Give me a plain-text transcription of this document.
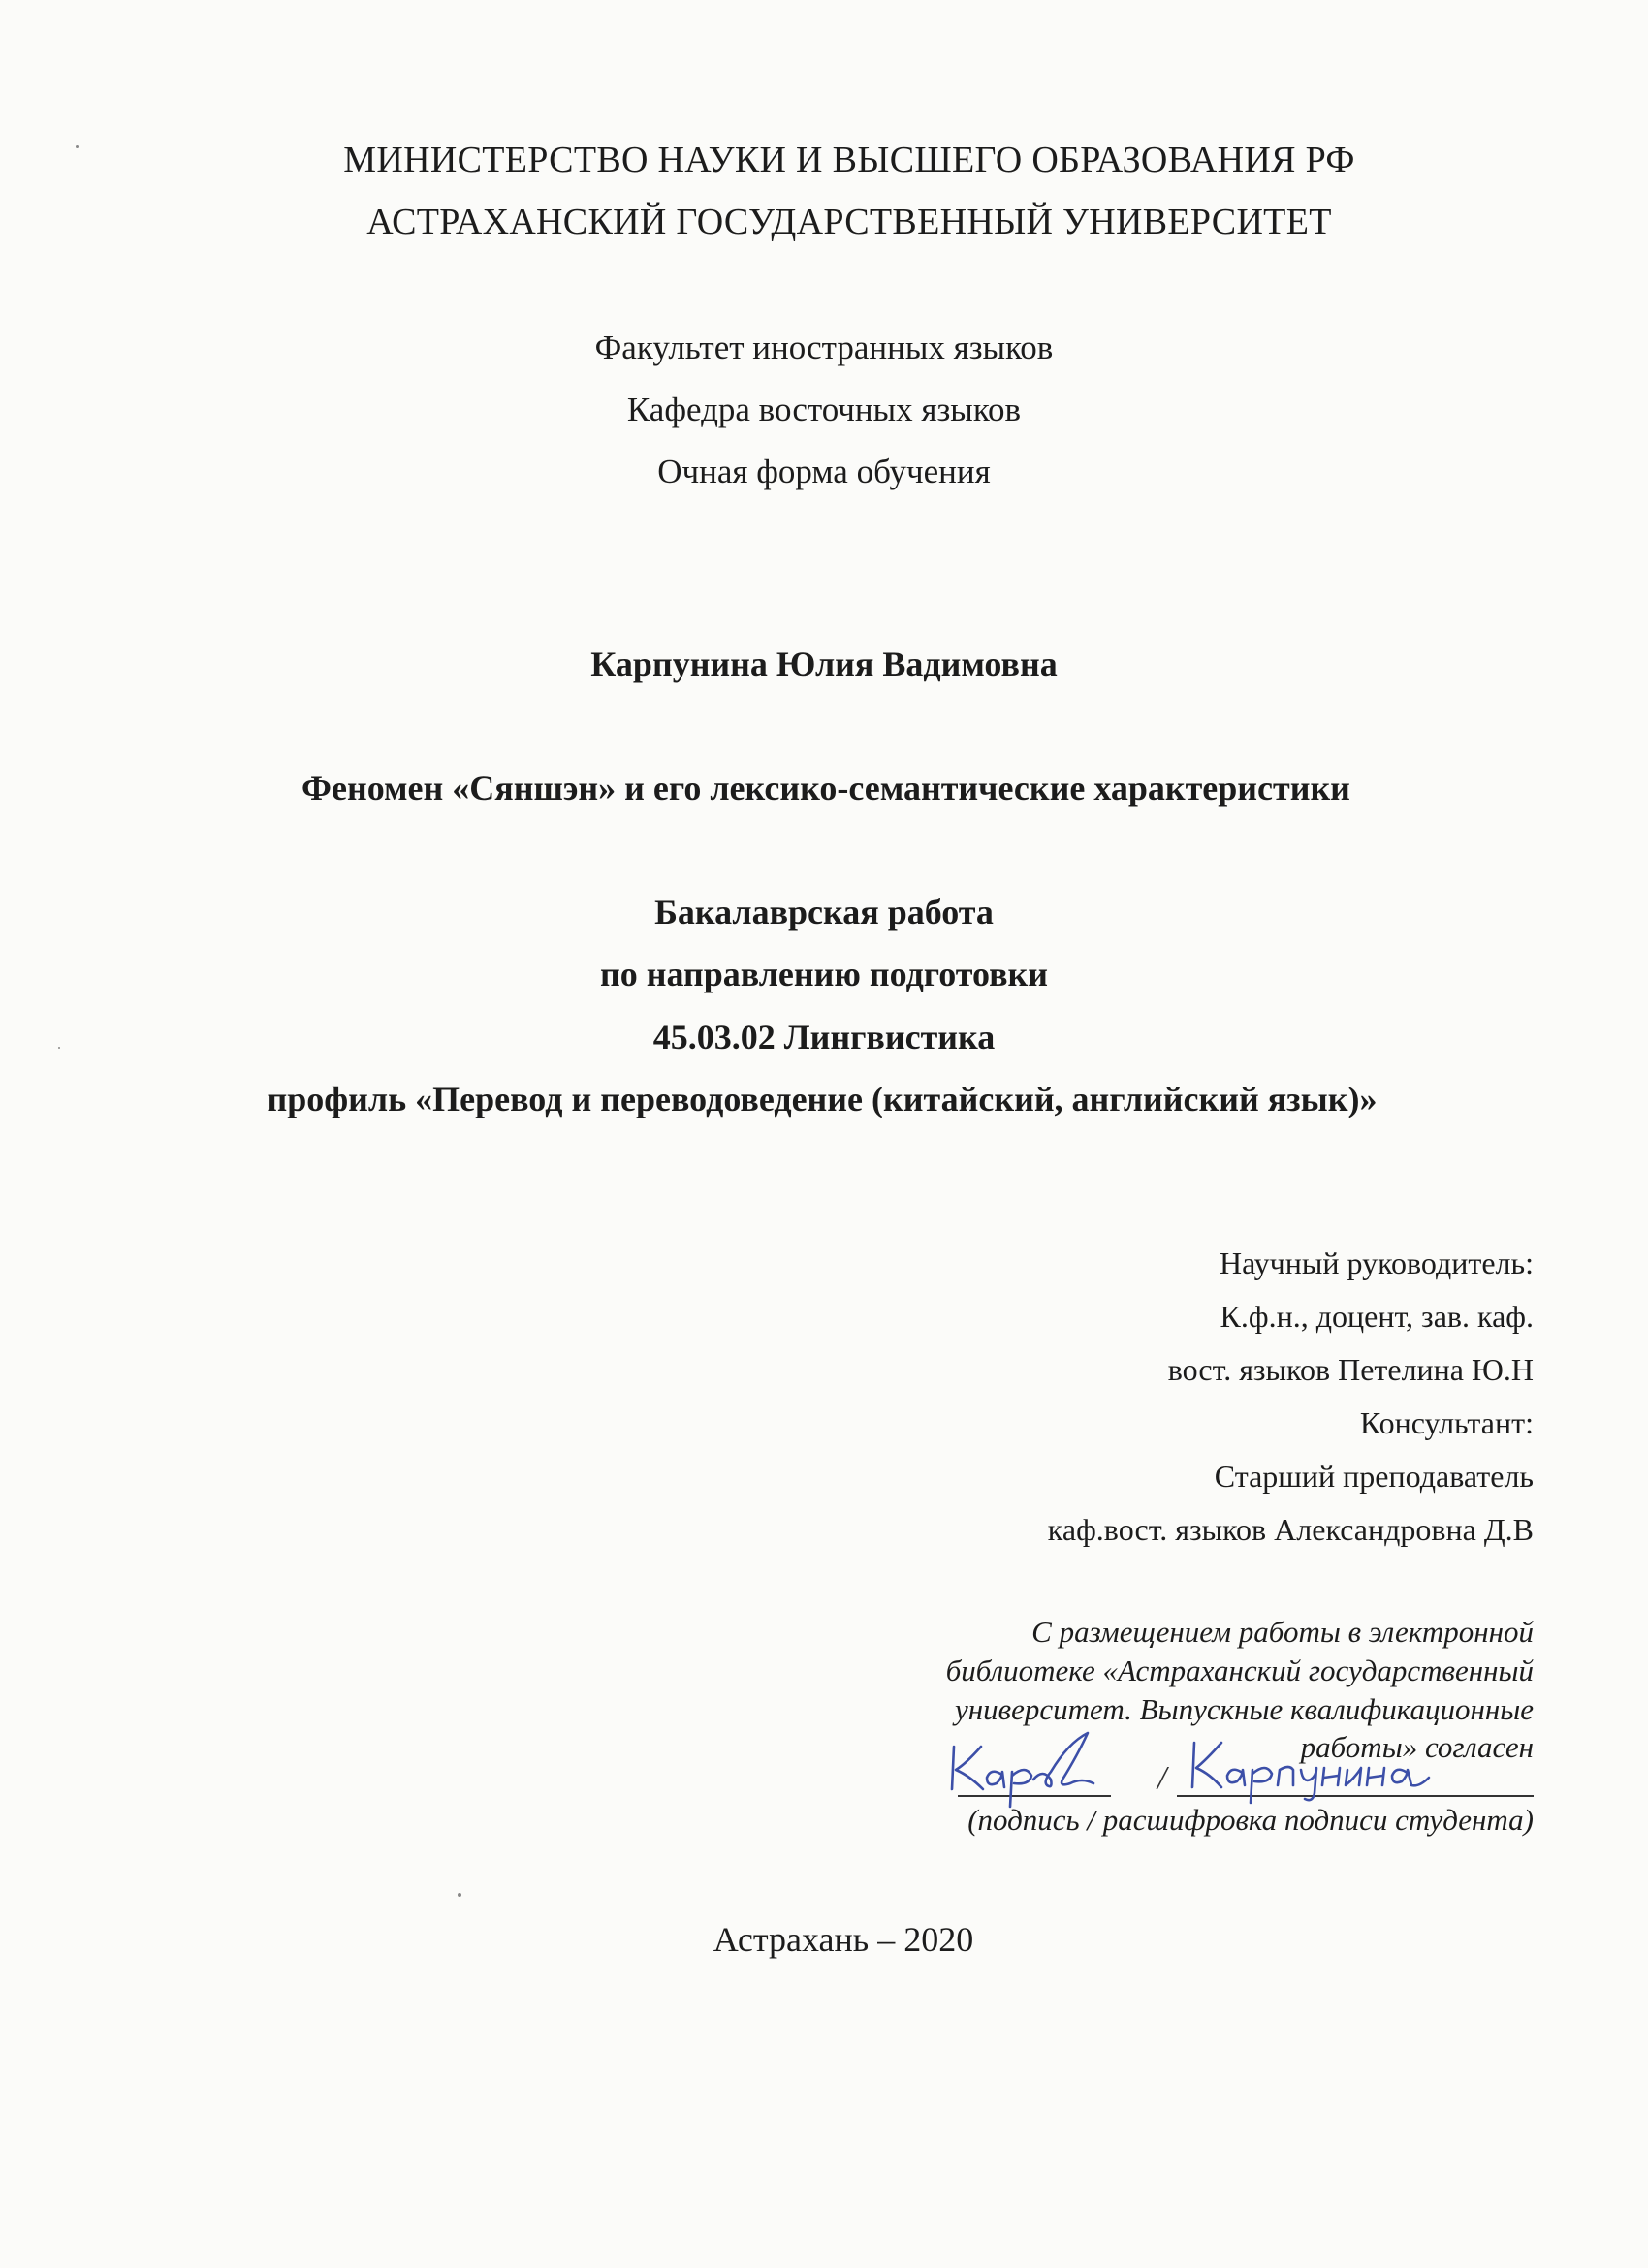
МИНИСТЕРСТВО НАУКИ И ВЫСШЕГО ОБРАЗОВАНИЯ РФ
АСТРАХАНСКИЙ ГОСУДАРСТВЕННЫЙ УНИВЕРСИТЕТ
Факультет иностранных языков
Кафедра восточных языков
Очная форма обучения
Карпунина Юлия Вадимовна
Феномен «Сяншэн» и его лексико-семантические характеристики
Бакалаврская работа
по направлению подготовки
45.03.02 Лингвистика
профиль «Перевод и переводоведение (китайский, английский язык)»
Научный руководитель:
К.ф.н., доцент, зав. каф.
вост. языков Петелина Ю.Н
Консультант:
Старший преподаватель
каф.вост. языков Александровна Д.В
С размещением работы в электронной
библиотеке «Астраханский государственный
университет. Выпускные квалификационные
работы» согласен
/
(подпись / расшифровка подписи студента)
Астрахань – 2020
